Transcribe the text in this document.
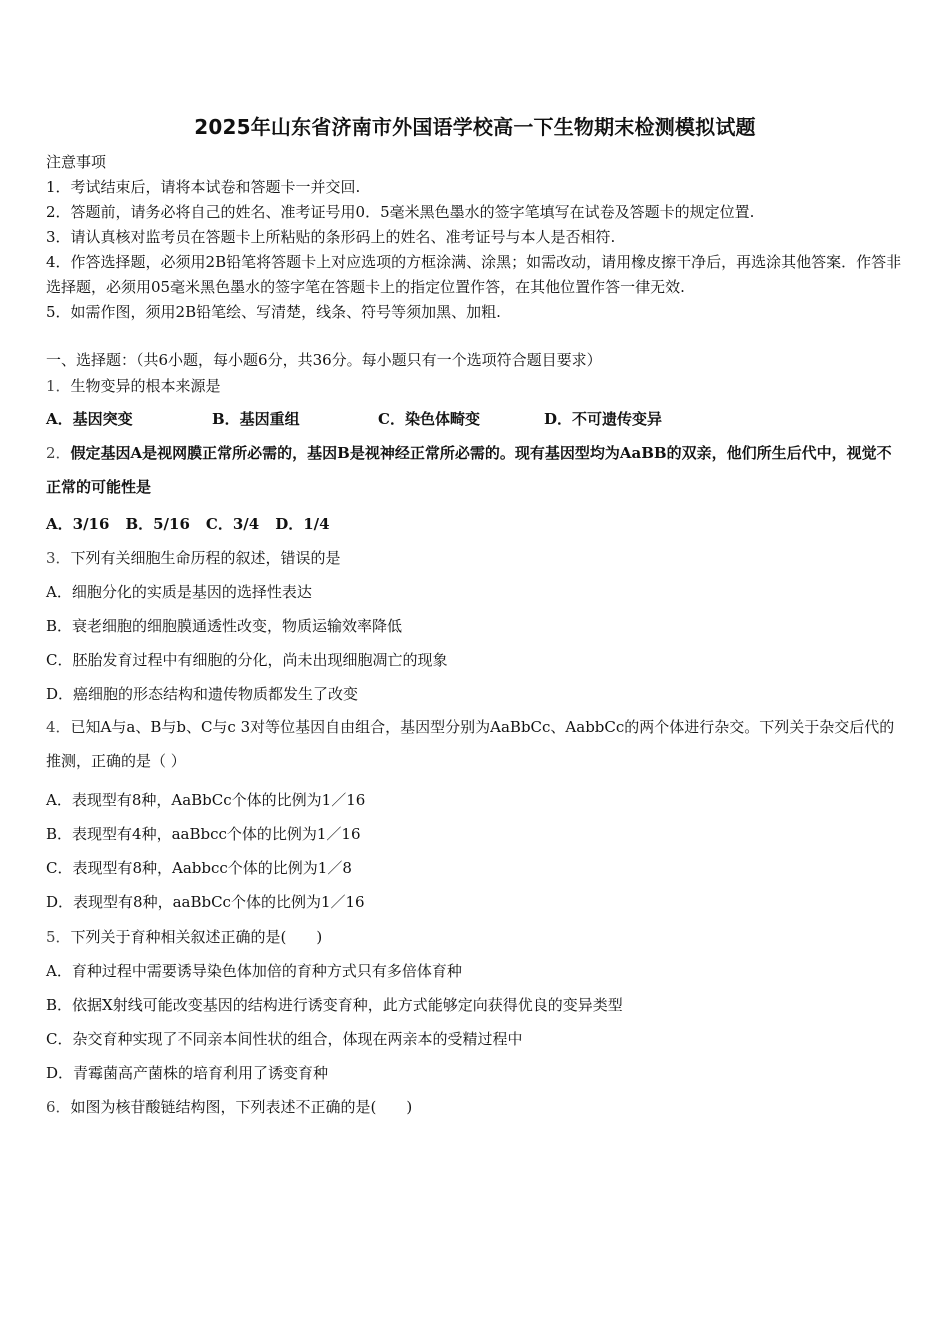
2025年山东省济南市外国语学校高一下生物期末检测模拟试题
注意事项
1．考试结束后，请将本试卷和答题卡一并交回.
2．答题前，请务必将自己的姓名、准考证号用0．5毫米黑色墨水的签字笔填写在试卷及答题卡的规定位置.
3．请认真核对监考员在答题卡上所粘贴的条形码上的姓名、准考证号与本人是否相符.
4．作答选择题，必须用2B铅笔将答题卡上对应选项的方框涂满、涂黑；如需改动，请用橡皮擦干净后，再选涂其他答案．作答非选择题，必须用05毫米黑色墨水的签字笔在答题卡上的指定位置作答，在其他位置作答一律无效.
5．如需作图，须用2B铅笔绘、写清楚，线条、符号等须加黑、加粗.
一、选择题：（共6小题，每小题6分，共36分。每小题只有一个选项符合题目要求）
1．生物变异的根本来源是
A．基因突变	B．基因重组	C．染色体畸变	D．不可遗传变异
2．假定基因A是视网膜正常所必需的，基因B是视神经正常所必需的。现有基因型均为AaBB的双亲，他们所生后代中，视觉不正常的可能性是
A．3/16 B．5/16 C．3/4 D．1/4
3．下列有关细胞生命历程的叙述，错误的是
A．细胞分化的实质是基因的选择性表达
B．衰老细胞的细胞膜通透性改变，物质运输效率降低
C．胚胎发育过程中有细胞的分化，尚未出现细胞凋亡的现象
D．癌细胞的形态结构和遗传物质都发生了改变
4．已知A与a、B与b、C与c 3对等位基因自由组合，基因型分别为AaBbCc、AabbCc的两个体进行杂交。下列关于杂交后代的推测，正确的是（ ）
A．表现型有8种，AaBbCc个体的比例为1／16
B．表现型有4种，aaBbcc个体的比例为1／16
C．表现型有8种，Aabbcc个体的比例为1／8
D．表现型有8种，aaBbCc个体的比例为1／16
5．下列关于育种相关叙述正确的是(　　)
A．育种过程中需要诱导染色体加倍的育种方式只有多倍体育种
B．依据X射线可能改变基因的结构进行诱变育种，此方式能够定向获得优良的变异类型
C．杂交育种实现了不同亲本间性状的组合，体现在两亲本的受精过程中
D．青霉菌高产菌株的培育利用了诱变育种
6．如图为核苷酸链结构图，下列表述不正确的是(　　)
